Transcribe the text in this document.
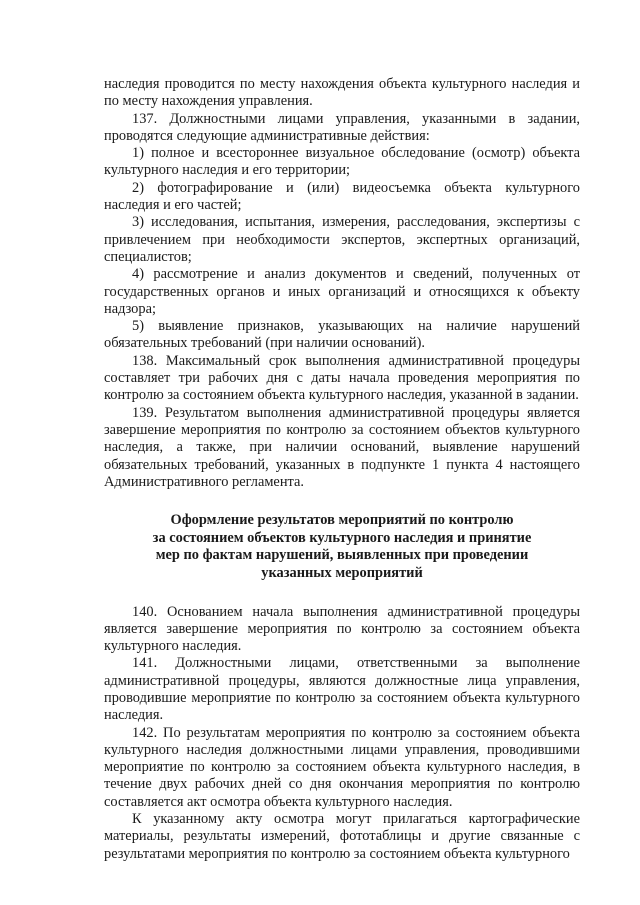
наследия проводится по месту нахождения объекта культурного наследия и по месту нахождения управления.

137. Должностными лицами управления, указанными в задании, проводятся следующие административные действия:

1) полное и всестороннее визуальное обследование (осмотр) объекта культурного наследия и его территории;

2) фотографирование и (или) видеосъемка объекта культурного наследия и его частей;

3) исследования, испытания, измерения, расследования, экспертизы с привлечением при необходимости экспертов, экспертных организаций, специалистов;

4) рассмотрение и анализ документов и сведений, полученных от государственных органов и иных организаций и относящихся к объекту надзора;

5) выявление признаков, указывающих на наличие нарушений обязательных требований (при наличии оснований).

138. Максимальный срок выполнения административной процедуры составляет три рабочих дня с даты начала проведения мероприятия по контролю за состоянием объекта культурного наследия, указанной в задании.

139. Результатом выполнения административной процедуры является завершение мероприятия по контролю за состоянием объектов культурного наследия, а также, при наличии оснований, выявление нарушений обязательных требований, указанных в подпункте 1 пункта 4 настоящего Административного регламента.

Оформление результатов мероприятий по контролю
за состоянием объектов культурного наследия и принятие
мер по фактам нарушений, выявленных при проведении
указанных мероприятий

140. Основанием начала выполнения административной процедуры является завершение мероприятия по контролю за состоянием объекта культурного наследия.

141. Должностными лицами, ответственными за выполнение административной процедуры, являются должностные лица управления, проводившие мероприятие по контролю за состоянием объекта культурного наследия.

142. По результатам мероприятия по контролю за состоянием объекта культурного наследия должностными лицами управления, проводившими мероприятие по контролю за состоянием объекта культурного наследия, в течение двух рабочих дней со дня окончания мероприятия по контролю составляется акт осмотра объекта культурного наследия.

К указанному акту осмотра могут прилагаться картографические материалы, результаты измерений, фототаблицы и другие связанные с результатами мероприятия по контролю за состоянием объекта культурного
